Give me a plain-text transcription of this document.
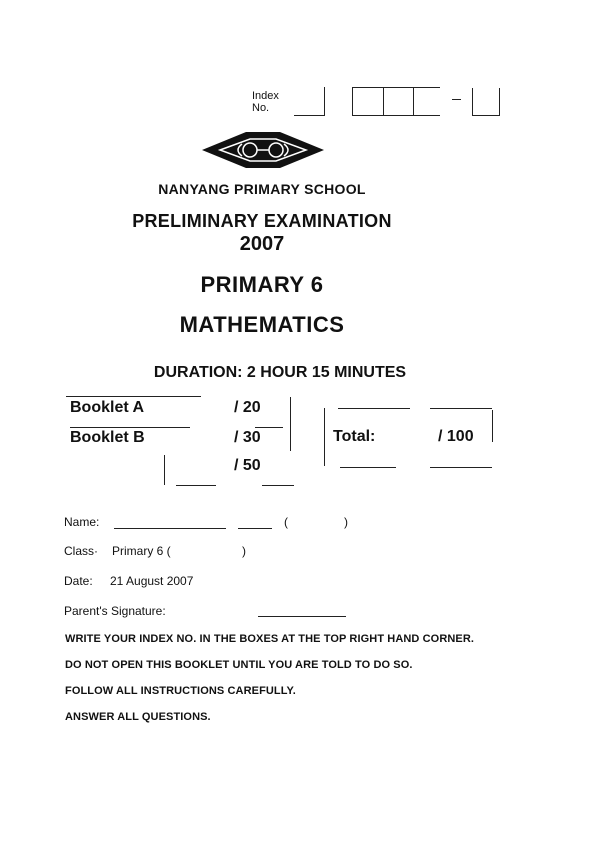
Index
No.
NANYANG PRIMARY SCHOOL
PRELIMINARY EXAMINATION
2007
PRIMARY 6
MATHEMATICS
DURATION: 2 HOUR 15 MINUTES
Booklet A	/ 20
Booklet B	/ 30
/ 50
Total:	/ 100
Name:	(	)
Class· Primary 6 (	)
Date: 21 August 2007
Parent's Signature:
WRITE YOUR INDEX NO. IN THE BOXES AT THE TOP RIGHT HAND CORNER.
DO NOT OPEN THIS BOOKLET UNTIL YOU ARE TOLD TO DO SO.
FOLLOW ALL INSTRUCTIONS CAREFULLY.
ANSWER ALL QUESTIONS.
